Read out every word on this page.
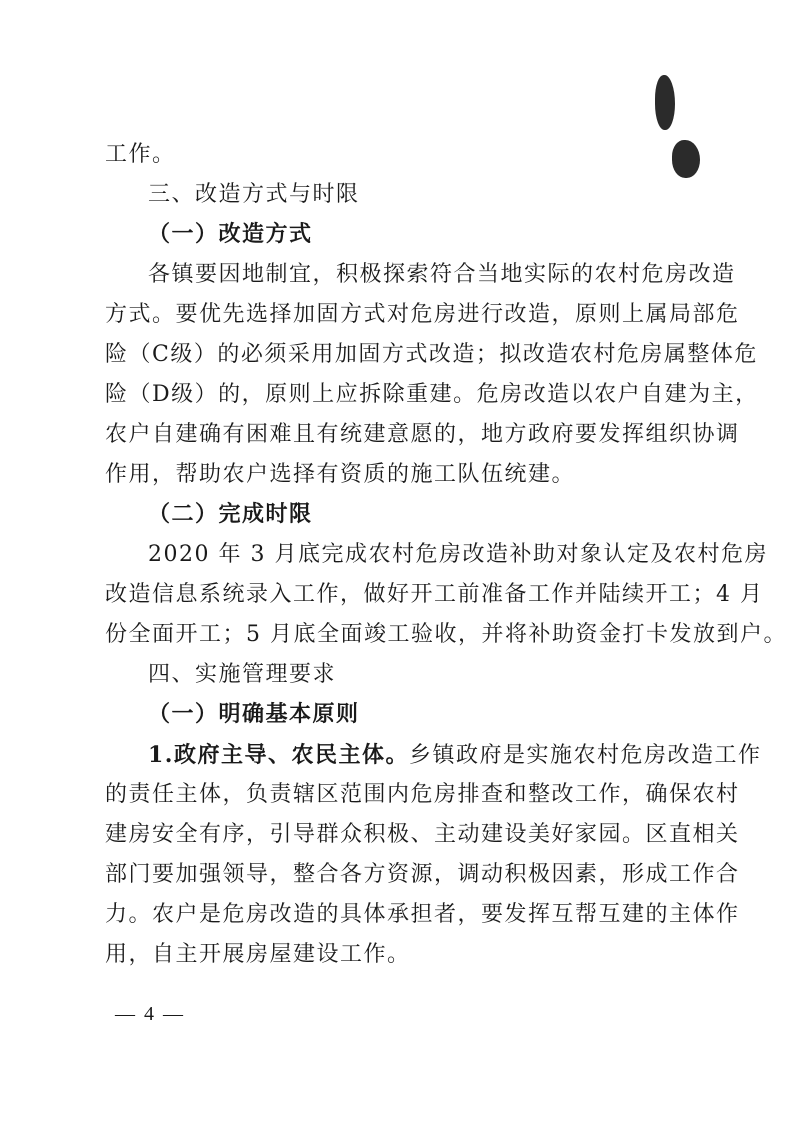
工作。
三、改造方式与时限
（一）改造方式
各镇要因地制宜，积极探索符合当地实际的农村危房改造
方式。要优先选择加固方式对危房进行改造，原则上属局部危
险（C级）的必须采用加固方式改造；拟改造农村危房属整体危
险（D级）的，原则上应拆除重建。危房改造以农户自建为主，
农户自建确有困难且有统建意愿的，地方政府要发挥组织协调
作用，帮助农户选择有资质的施工队伍统建。
（二）完成时限
2020 年 3 月底完成农村危房改造补助对象认定及农村危房
改造信息系统录入工作，做好开工前准备工作并陆续开工；4 月
份全面开工；5 月底全面竣工验收，并将补助资金打卡发放到户。
四、实施管理要求
（一）明确基本原则
1.政府主导、农民主体。乡镇政府是实施农村危房改造工作
的责任主体，负责辖区范围内危房排查和整改工作，确保农村
建房安全有序，引导群众积极、主动建设美好家园。区直相关
部门要加强领导，整合各方资源，调动积极因素，形成工作合
力。农户是危房改造的具体承担者，要发挥互帮互建的主体作
用，自主开展房屋建设工作。
— 4 —
